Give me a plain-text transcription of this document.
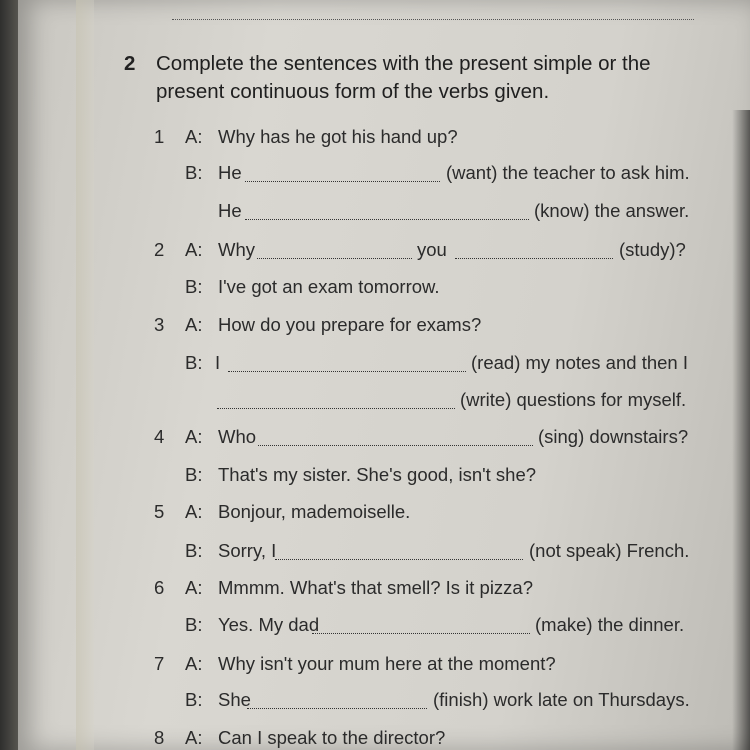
2 Complete the sentences with the present simple or the present continuous form of the verbs given.
1 A: Why has he got his hand up?
B: He	(want) the teacher to ask him.
He	(know) the answer.
2 A: Why	you	(study)?
B: I've got an exam tomorrow.
3 A: How do you prepare for exams?
B: I	(read) my notes and then I
(write) questions for myself.
4 A: Who	(sing) downstairs?
B: That's my sister. She's good, isn't she?
5 A: Bonjour, mademoiselle.
B: Sorry, I	(not speak) French.
6 A: Mmmm. What's that smell? Is it pizza?
B: Yes. My dad	(make) the dinner.
7 A: Why isn't your mum here at the moment?
B: She	(finish) work late on Thursdays.
8 A: Can I speak to the director?
